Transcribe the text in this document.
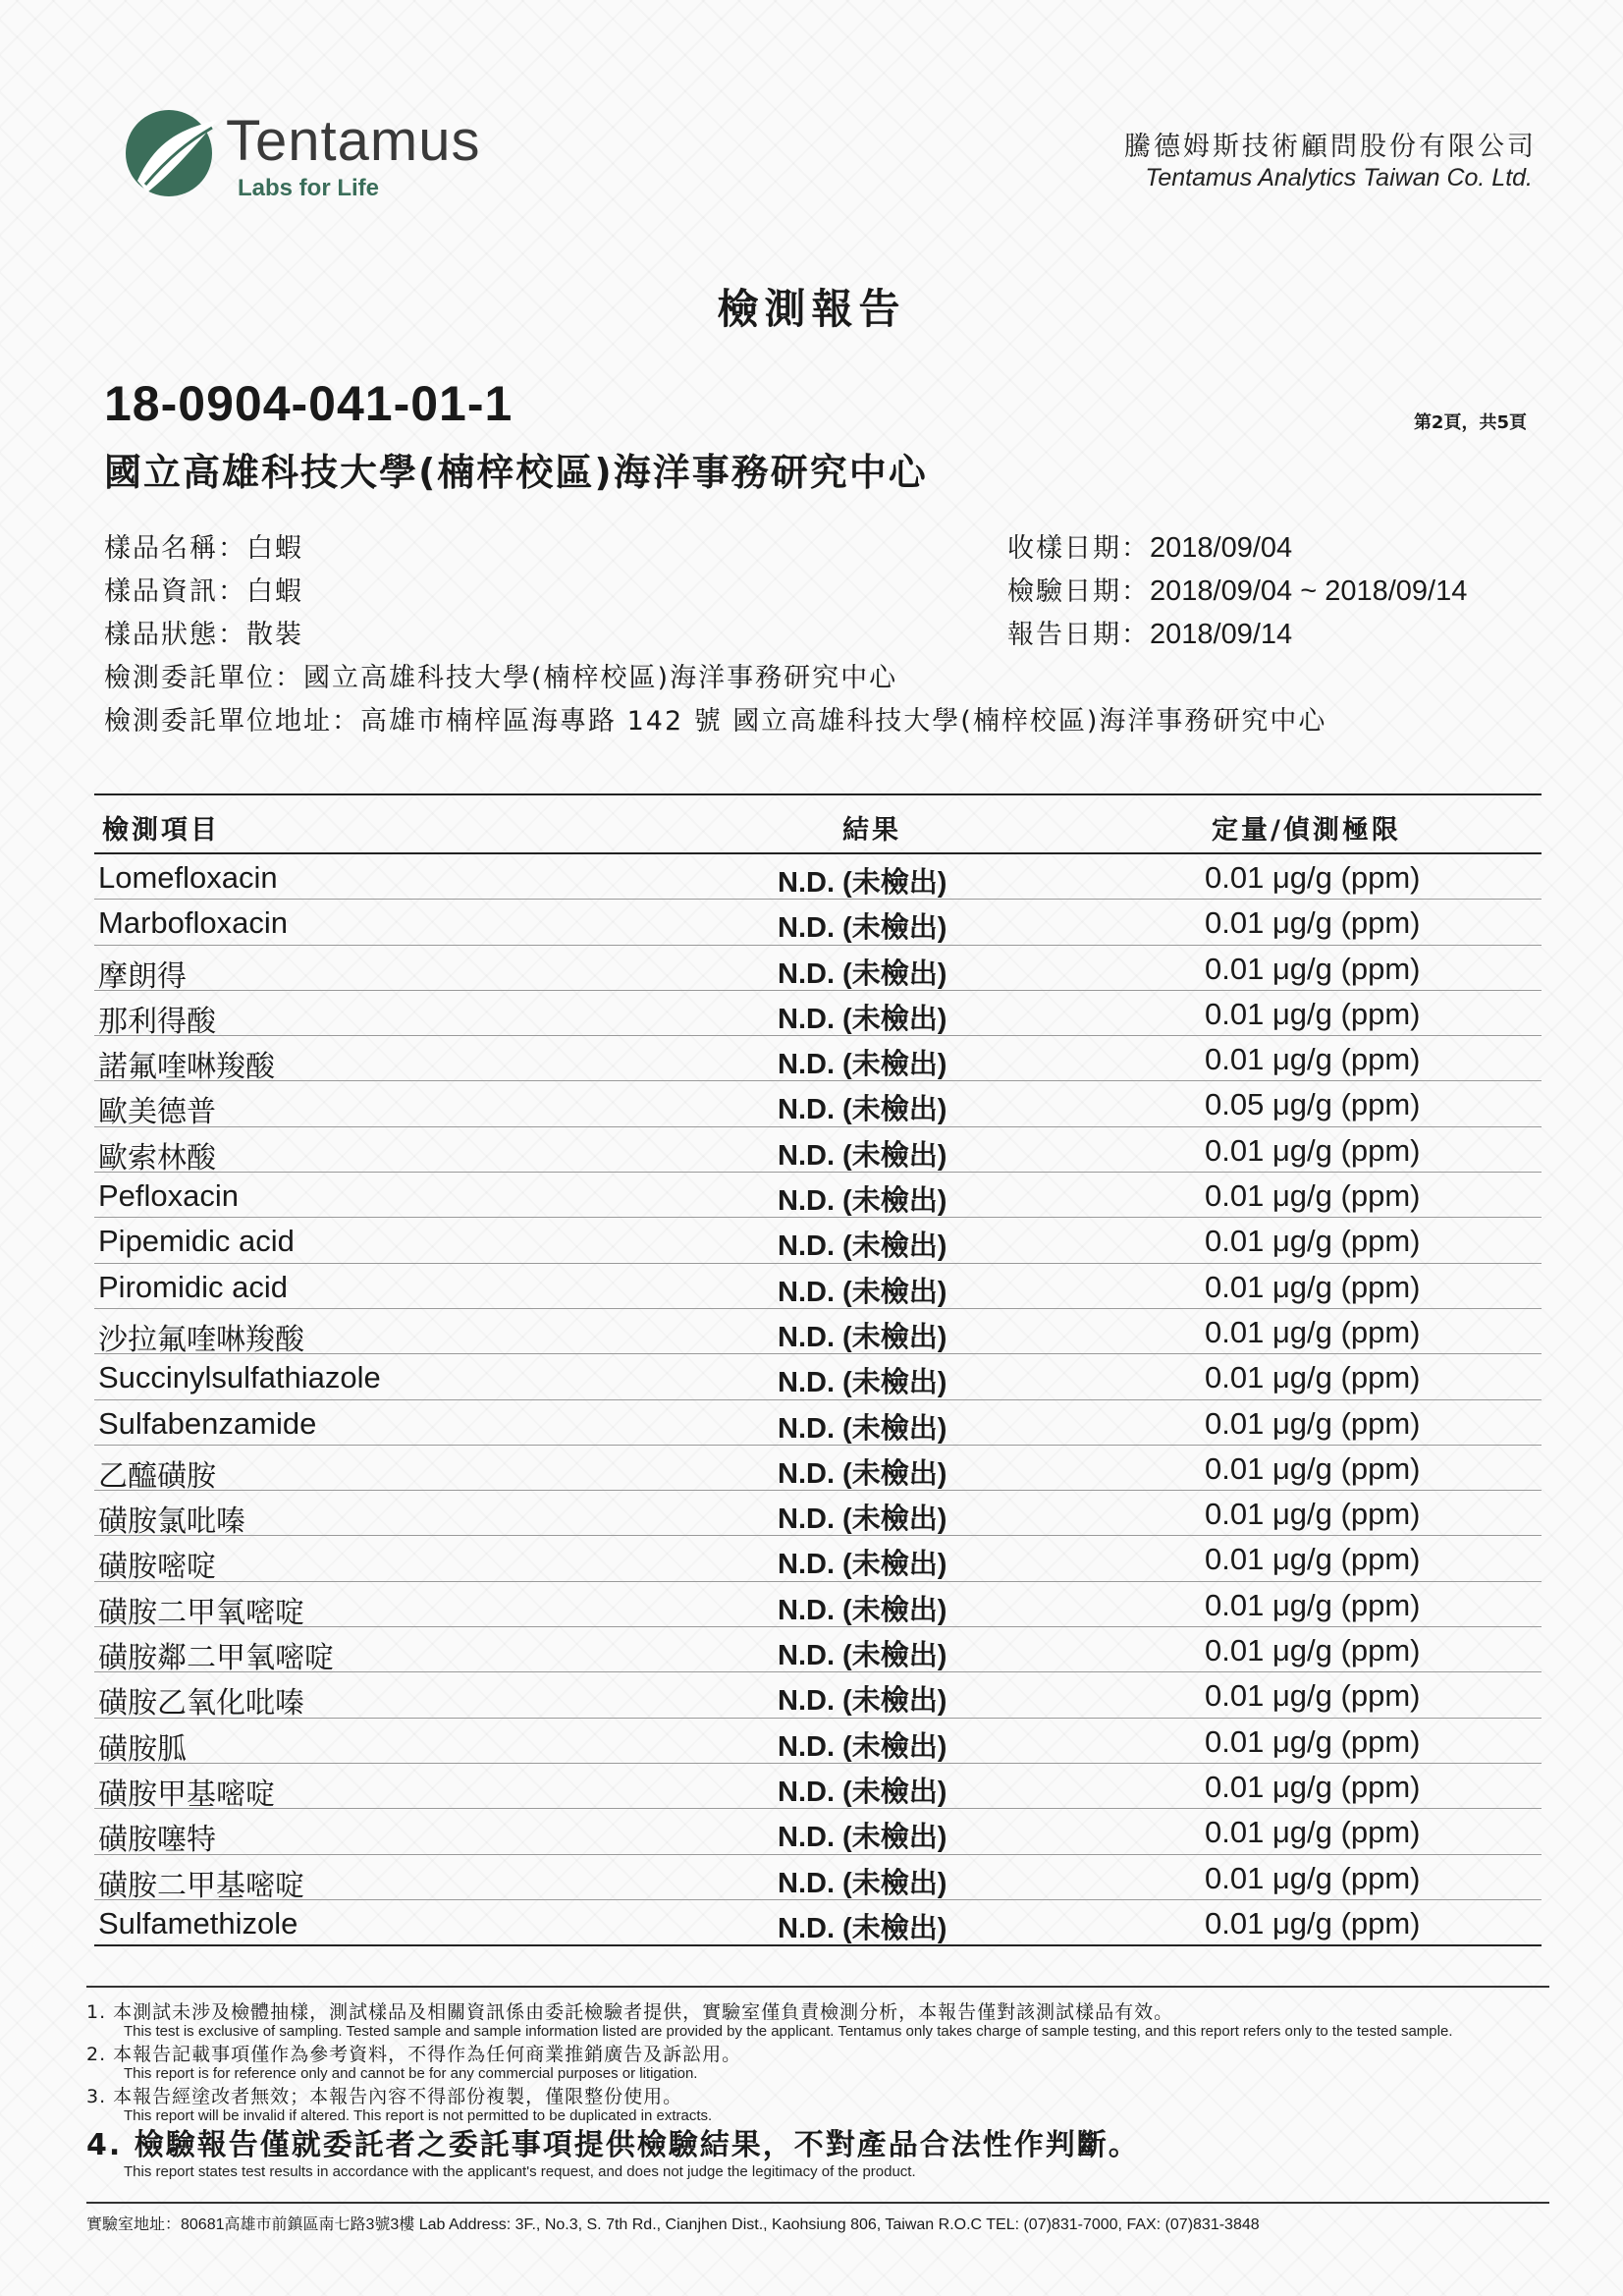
Tentamus
Labs for Life
騰德姆斯技術顧問股份有限公司
Tentamus Analytics Taiwan Co. Ltd.
檢測報告
18-0904-041-01-1	第2頁，共5頁
國立高雄科技大學(楠梓校區)海洋事務研究中心
樣品名稱：白蝦
樣品資訊：白蝦
樣品狀態：散裝
檢測委託單位：國立高雄科技大學(楠梓校區)海洋事務研究中心
檢測委託單位地址：高雄市楠梓區海專路 142 號 國立高雄科技大學(楠梓校區)海洋事務研究中心
收樣日期：2018/09/04
檢驗日期：2018/09/04 ~ 2018/09/14
報告日期：2018/09/14
檢測項目	結果	定量/偵測極限
Lomefloxacin	N.D. (未檢出)	0.01 μg/g (ppm)
Marbofloxacin	N.D. (未檢出)	0.01 μg/g (ppm)
摩朗得	N.D. (未檢出)	0.01 μg/g (ppm)
那利得酸	N.D. (未檢出)	0.01 μg/g (ppm)
諾氟喹啉羧酸	N.D. (未檢出)	0.01 μg/g (ppm)
歐美德普	N.D. (未檢出)	0.05 μg/g (ppm)
歐索林酸	N.D. (未檢出)	0.01 μg/g (ppm)
Pefloxacin	N.D. (未檢出)	0.01 μg/g (ppm)
Pipemidic acid	N.D. (未檢出)	0.01 μg/g (ppm)
Piromidic acid	N.D. (未檢出)	0.01 μg/g (ppm)
沙拉氟喹啉羧酸	N.D. (未檢出)	0.01 μg/g (ppm)
Succinylsulfathiazole	N.D. (未檢出)	0.01 μg/g (ppm)
Sulfabenzamide	N.D. (未檢出)	0.01 μg/g (ppm)
乙醯磺胺	N.D. (未檢出)	0.01 μg/g (ppm)
磺胺氯吡嗪	N.D. (未檢出)	0.01 μg/g (ppm)
磺胺嘧啶	N.D. (未檢出)	0.01 μg/g (ppm)
磺胺二甲氧嘧啶	N.D. (未檢出)	0.01 μg/g (ppm)
磺胺鄰二甲氧嘧啶	N.D. (未檢出)	0.01 μg/g (ppm)
磺胺乙氧化吡嗪	N.D. (未檢出)	0.01 μg/g (ppm)
磺胺胍	N.D. (未檢出)	0.01 μg/g (ppm)
磺胺甲基嘧啶	N.D. (未檢出)	0.01 μg/g (ppm)
磺胺噻特	N.D. (未檢出)	0.01 μg/g (ppm)
磺胺二甲基嘧啶	N.D. (未檢出)	0.01 μg/g (ppm)
Sulfamethizole	N.D. (未檢出)	0.01 μg/g (ppm)
1. 本測試未涉及檢體抽樣，測試樣品及相關資訊係由委託檢驗者提供，實驗室僅負責檢測分析，本報告僅對該測試樣品有效。
This test is exclusive of sampling. Tested sample and sample information listed are provided by the applicant. Tentamus only takes charge of sample testing, and this report refers only to the tested sample.
2. 本報告記載事項僅作為參考資料，不得作為任何商業推銷廣告及訴訟用。
This report is for reference only and cannot be for any commercial purposes or litigation.
3. 本報告經塗改者無效；本報告內容不得部份複製，僅限整份使用。
This report will be invalid if altered. This report is not permitted to be duplicated in extracts.
4. 檢驗報告僅就委託者之委託事項提供檢驗結果，不對產品合法性作判斷。
This report states test results in accordance with the applicant's request, and does not judge the legitimacy of the product.
實驗室地址：80681高雄市前鎮區南七路3號3樓 Lab Address: 3F., No.3, S. 7th Rd., Cianjhen Dist., Kaohsiung 806, Taiwan R.O.C TEL: (07)831-7000, FAX: (07)831-3848
